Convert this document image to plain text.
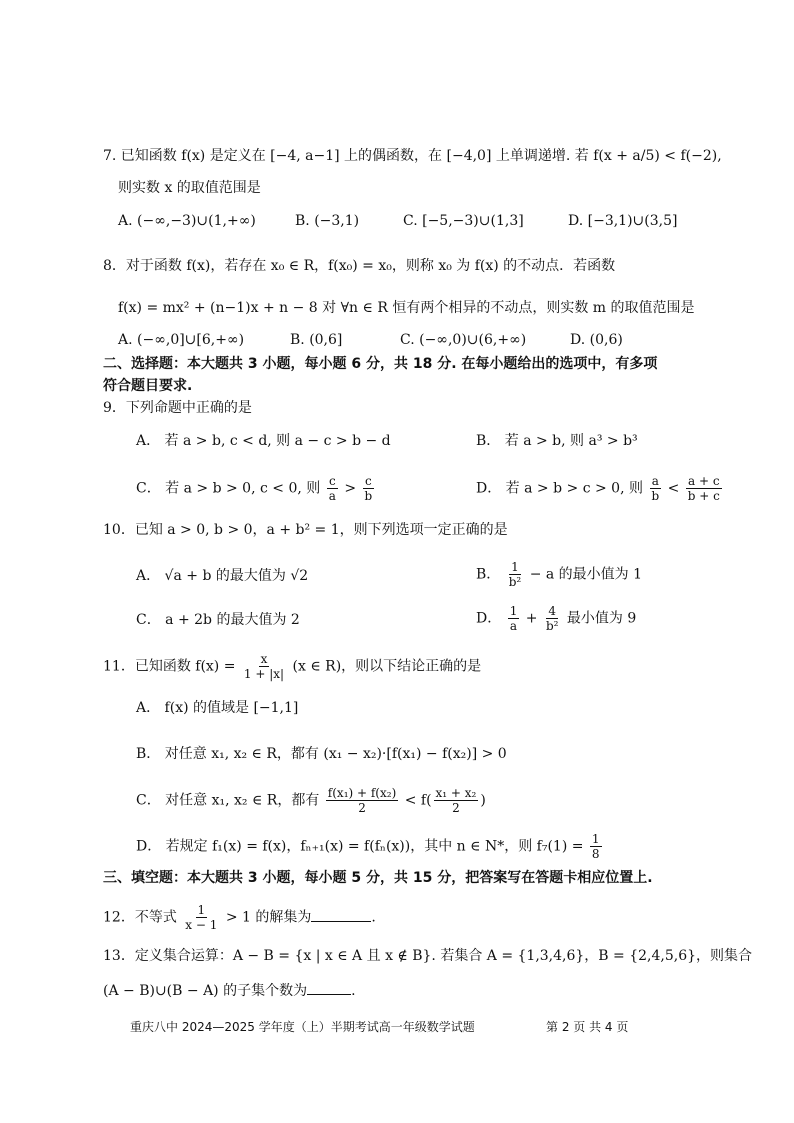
7. 已知函数 f(x) 是定义在 [−4, a−1] 上的偶函数，在 [−4,0] 上单调递增. 若 f(x + a/5) < f(−2),
则实数 x 的取值范围是
A. (−∞,−3)∪(1,+∞)	B. (−3,1)	C. [−5,−3)∪(1,3]	D. [−3,1)∪(3,5]
8．对于函数 f(x)，若存在 x₀ ∈ R，f(x₀) = x₀，则称 x₀ 为 f(x) 的不动点．若函数
f(x) = mx² + (n−1)x + n − 8 对 ∀n ∈ R 恒有两个相异的不动点，则实数 m 的取值范围是
A. (−∞,0]∪[6,+∞)	B. (0,6]	C. (−∞,0)∪(6,+∞)	D. (0,6)
二、选择题：本大题共 3 小题，每小题 6 分，共 18 分. 在每小题给出的选项中，有多项
符合题目要求.
9．下列命题中正确的是
A． 若 a > b, c < d, 则 a − c > b − d	B． 若 a > b, 则 a³ > b³
C． 若 a > b > 0, c < 0, 则 $\frac{c}{a} > \frac{c}{b}$	D． 若 a > b > c > 0, 则 $\frac{a}{b} < \frac{a + c}{b + c}$
10．已知 a > 0, b > 0，a + b² = 1，则下列选项一定正确的是
A． √a + b 的最大值为 √2	B． $\frac{1}{\text{b²}} - a$ 的最小值为 1
C． a + 2b 的最大值为 2	D． $\frac{1}{a} + \frac{4}{\text{b²}}$ 最小值为 9
11．已知函数 $f(x) = \frac{x}{1 + |x|} (x$ ∈ R)，则以下结论正确的是
A． f(x) 的值域是 [−1,1]
B． 对任意 x₁, x₂ ∈ R，都有 (x₁ − x₂)·[f(x₁) − f(x₂)] > 0
C． 对任意 x₁, x₂ ∈ R，都有 $\frac{\text{f(x₁) + f(x₂)}}{2} < f( \frac{\text{x₁ + x₂}}{2}$ )
D． 若规定 f₁(x) = f(x)，fₙ₊₁(x) = f(fₙ(x))，其中 n ∈ N*，则 $f_7(1) = \frac{1}{8}$
三、填空题：本大题共 3 小题，每小题 5 分，共 15 分，把答案写在答题卡相应位置上.
12．不等式 $\frac{1}{x - 1} > 1$ 的解集为	.
13．定义集合运算：A − B = {x | x ∈ A 且 x ∉ B}. 若集合 A = {1,3,4,6}，B = {2,4,5,6}，则集合
(A − B)∪(B − A) 的子集个数为	.
重庆八中 2024—2025 学年度（上）半期考试高一年级数学试题	第 2 页 共 4 页
